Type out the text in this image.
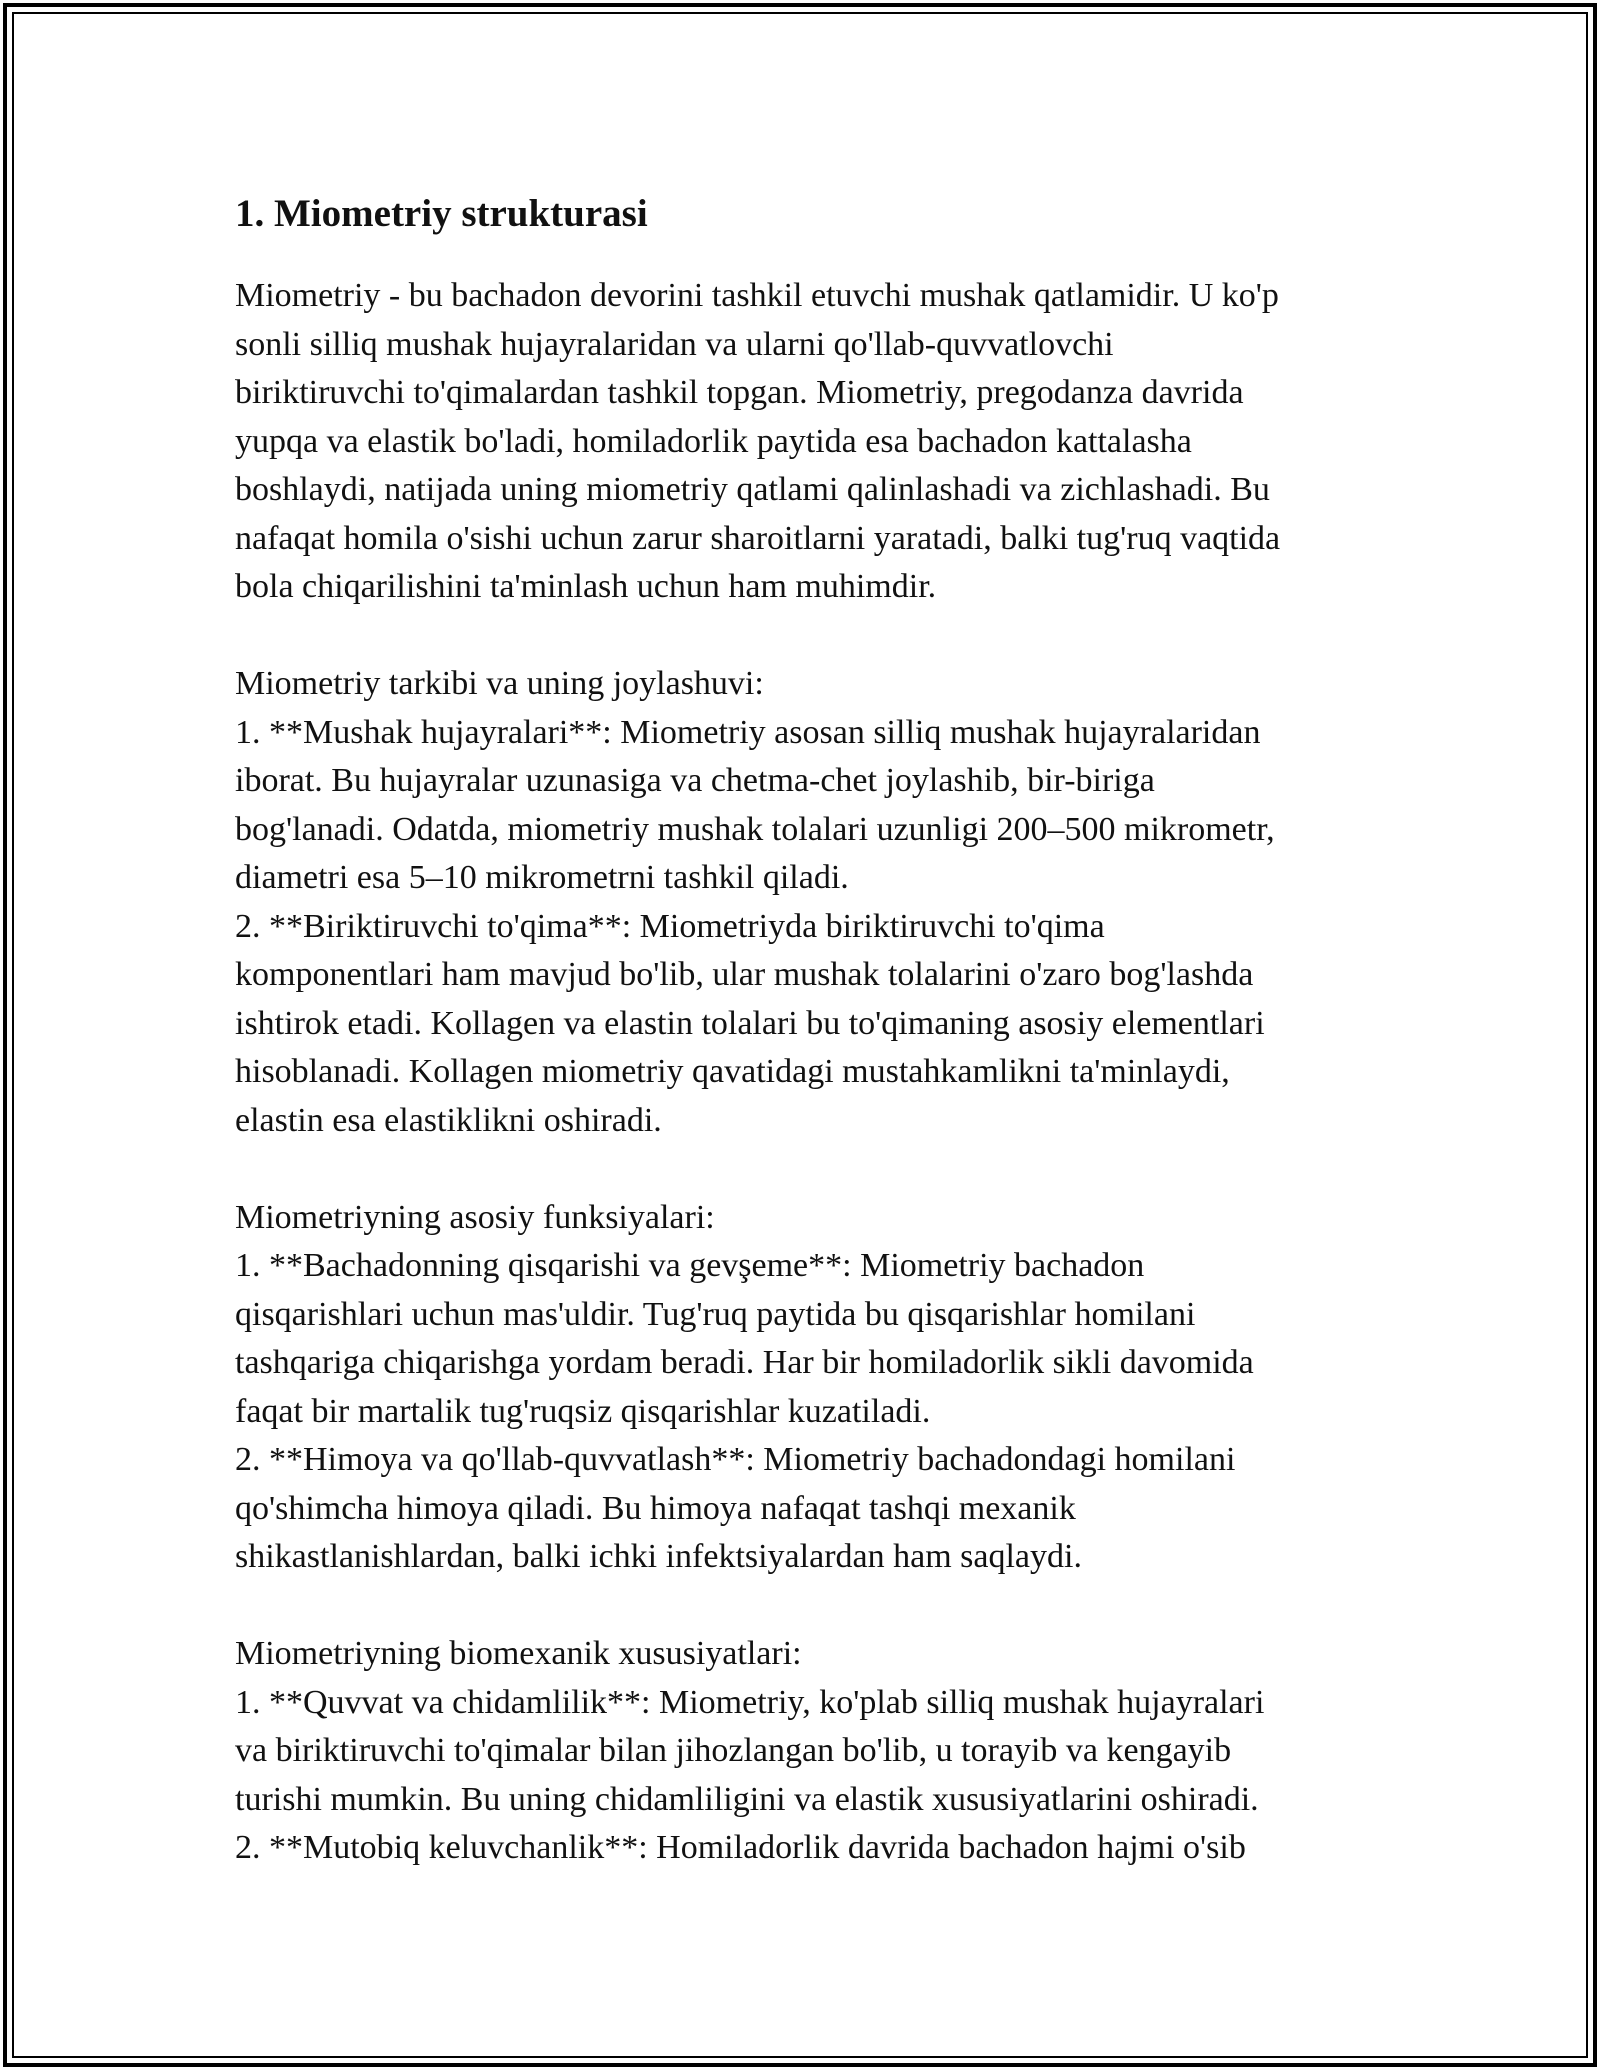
1. Miometriy strukturasi
Miometriy - bu bachadon devorini tashkil etuvchi mushak qatlamidir. U ko'p
sonli silliq mushak hujayralaridan va ularni qo'llab-quvvatlovchi
biriktiruvchi to'qimalardan tashkil topgan. Miometriy, pregodanza davrida
yupqa va elastik bo'ladi, homiladorlik paytida esa bachadon kattalasha
boshlaydi, natijada uning miometriy qatlami qalinlashadi va zichlashadi. Bu
nafaqat homila o'sishi uchun zarur sharoitlarni yaratadi, balki tug'ruq vaqtida
bola chiqarilishini ta'minlash uchun ham muhimdir.
Miometriy tarkibi va uning joylashuvi:
1. **Mushak hujayralari**: Miometriy asosan silliq mushak hujayralaridan
iborat. Bu hujayralar uzunasiga va chetma-chet joylashib, bir-biriga
bog'lanadi. Odatda, miometriy mushak tolalari uzunligi 200–500 mikrometr,
diametri esa 5–10 mikrometrni tashkil qiladi.
2. **Biriktiruvchi to'qima**: Miometriyda biriktiruvchi to'qima
komponentlari ham mavjud bo'lib, ular mushak tolalarini o'zaro bog'lashda
ishtirok etadi. Kollagen va elastin tolalari bu to'qimaning asosiy elementlari
hisoblanadi. Kollagen miometriy qavatidagi mustahkamlikni ta'minlaydi,
elastin esa elastiklikni oshiradi.
Miometriyning asosiy funksiyalari:
1. **Bachadonning qisqarishi va gevşeme**: Miometriy bachadon
qisqarishlari uchun mas'uldir. Tug'ruq paytida bu qisqarishlar homilani
tashqariga chiqarishga yordam beradi. Har bir homiladorlik sikli davomida
faqat bir martalik tug'ruqsiz qisqarishlar kuzatiladi.
2. **Himoya va qo'llab-quvvatlash**: Miometriy bachadondagi homilani
qo'shimcha himoya qiladi. Bu himoya nafaqat tashqi mexanik
shikastlanishlardan, balki ichki infektsiyalardan ham saqlaydi.
Miometriyning biomexanik xususiyatlari:
1. **Quvvat va chidamlilik**: Miometriy, ko'plab silliq mushak hujayralari
va biriktiruvchi to'qimalar bilan jihozlangan bo'lib, u torayib va kengayib
turishi mumkin. Bu uning chidamliligini va elastik xususiyatlarini oshiradi.
2. **Mutobiq keluvchanlik**: Homiladorlik davrida bachadon hajmi o'sib
